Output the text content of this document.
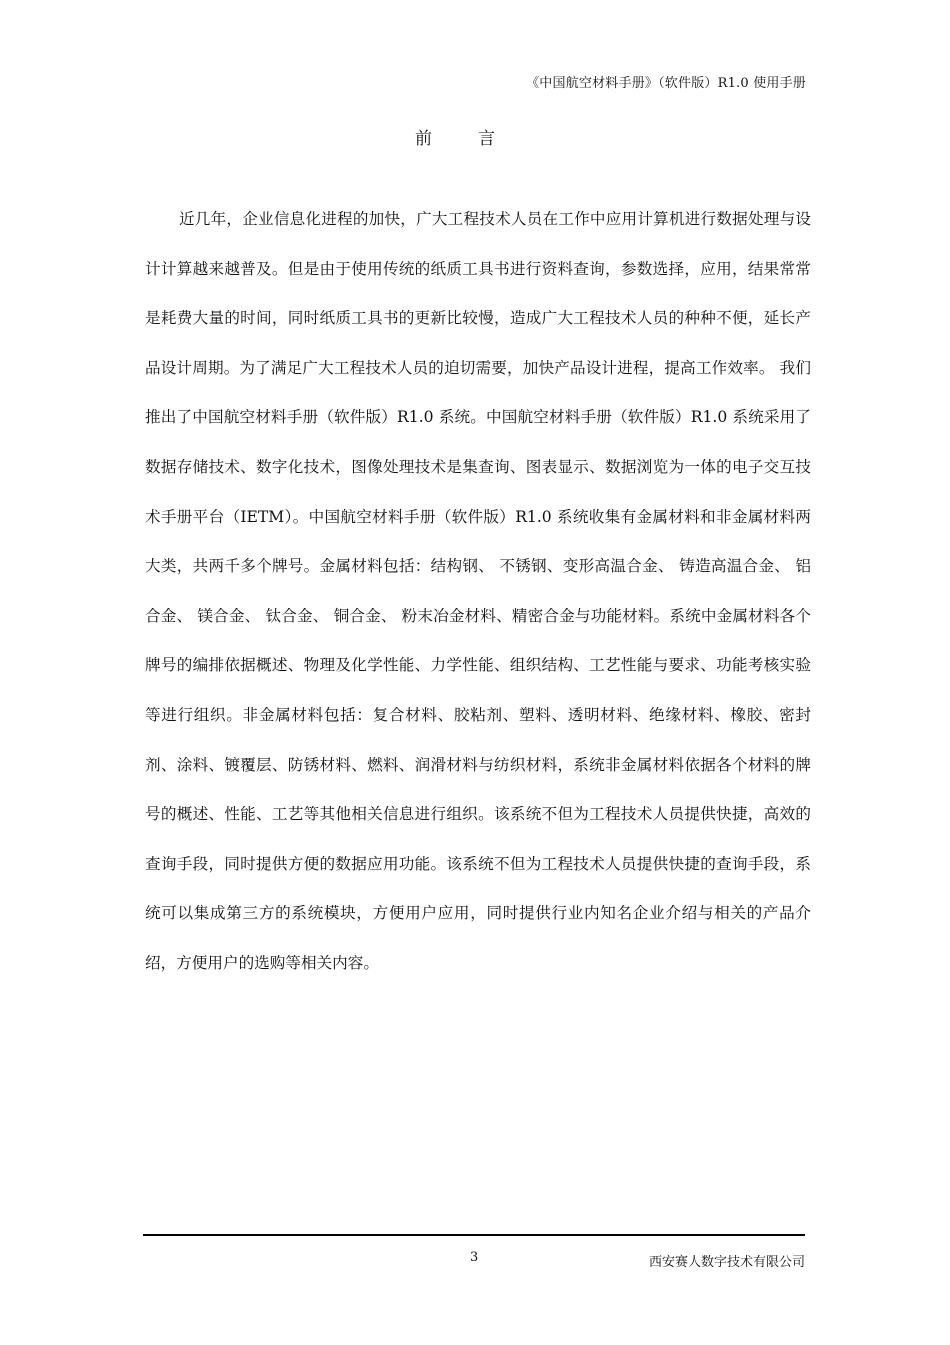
《中国航空材料手册》（软件版）R1.0 使用手册
前言

近几年，企业信息化进程的加快，广大工程技术人员在工作中应用计算机进行数据处理与设计计算越来越普及。但是由于使用传统的纸质工具书进行资料查询，参数选择，应用，结果常常是耗费大量的时间，同时纸质工具书的更新比较慢，造成广大工程技术人员的种种不便，延长产品设计周期。为了满足广大工程技术人员的迫切需要，加快产品设计进程，提高工作效率。 我们推出了中国航空材料手册（软件版）R1.0 系统。中国航空材料手册（软件版）R1.0 系统采用了数据存储技术、数字化技术，图像处理技术是集查询、图表显示、数据浏览为一体的电子交互技术手册平台（IETM）。中国航空材料手册（软件版）R1.0 系统收集有金属材料和非金属材料两大类，共两千多个牌号。金属材料包括：结构钢、 不锈钢、变形高温合金、 铸造高温合金、 铝合金、 镁合金、 钛合金、 铜合金、 粉末冶金材料、精密合金与功能材料。系统中金属材料各个牌号的编排依据概述、物理及化学性能、力学性能、组织结构、工艺性能与要求、功能考核实验等进行组织。非金属材料包括：复合材料、胶粘剂、塑料、透明材料、绝缘材料、橡胶、密封剂、涂料、镀覆层、防锈材料、燃料、润滑材料与纺织材料，系统非金属材料依据各个材料的牌号的概述、性能、工艺等其他相关信息进行组织。该系统不但为工程技术人员提供快捷，高效的查询手段，同时提供方便的数据应用功能。该系统不但为工程技术人员提供快捷的查询手段，系统可以集成第三方的系统模块，方便用户应用，同时提供行业内知名企业介绍与相关的产品介绍，方便用户的选购等相关内容。

3	西安赛人数字技术有限公司
